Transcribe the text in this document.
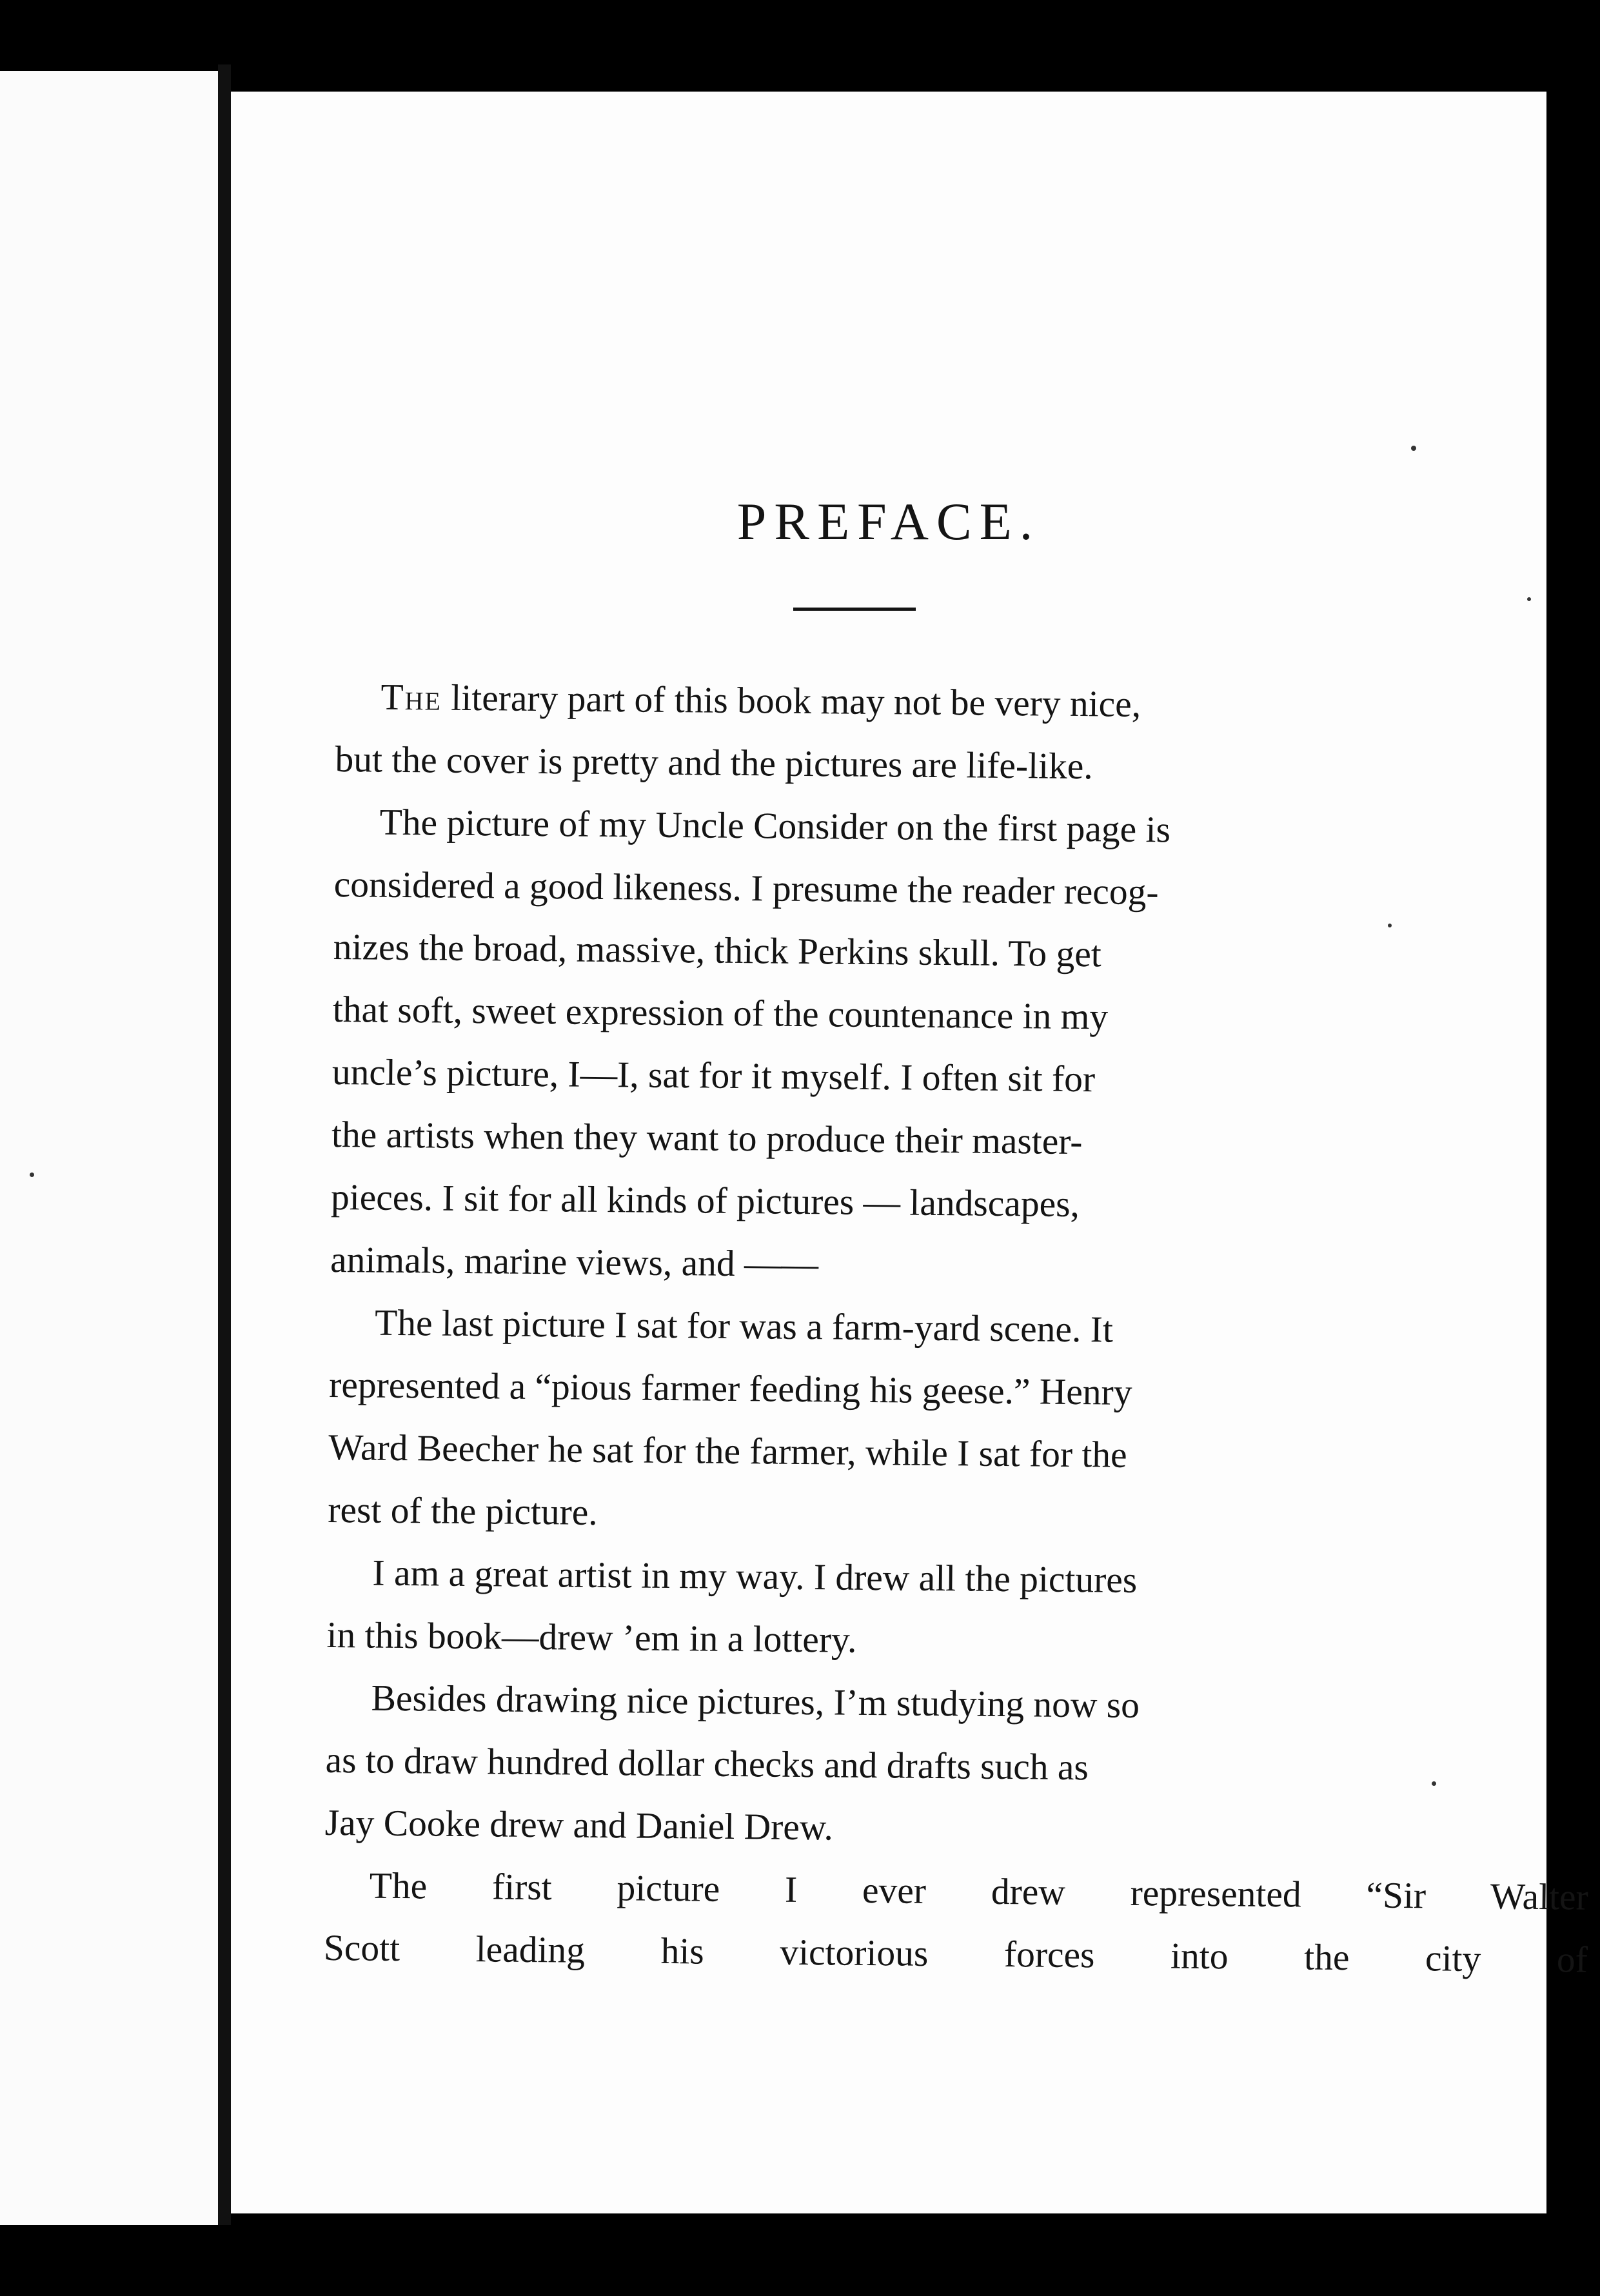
PREFACE.

The literary part of this book may not be very nice,
but the cover is pretty and the pictures are life-like.

The picture of my Uncle Consider on the first page is
considered a good likeness. I presume the reader recog-
nizes the broad, massive, thick Perkins skull. To get
that soft, sweet expression of the countenance in my
uncle’s picture, I—I, sat for it myself. I often sit for
the artists when they want to produce their master-
pieces. I sit for all kinds of pictures — landscapes,
animals, marine views, and ——

The last picture I sat for was a farm-yard scene. It
represented a “pious farmer feeding his geese.” Henry
Ward Beecher he sat for the farmer, while I sat for the
rest of the picture.

I am a great artist in my way. I drew all the pictures
in this book—drew ’em in a lottery.

Besides drawing nice pictures, I’m studying now so
as to draw hundred dollar checks and drafts such as
Jay Cooke drew and Daniel Drew.

The first picture I ever drew represented “Sir Walter
Scott leading his victorious forces into the city of
